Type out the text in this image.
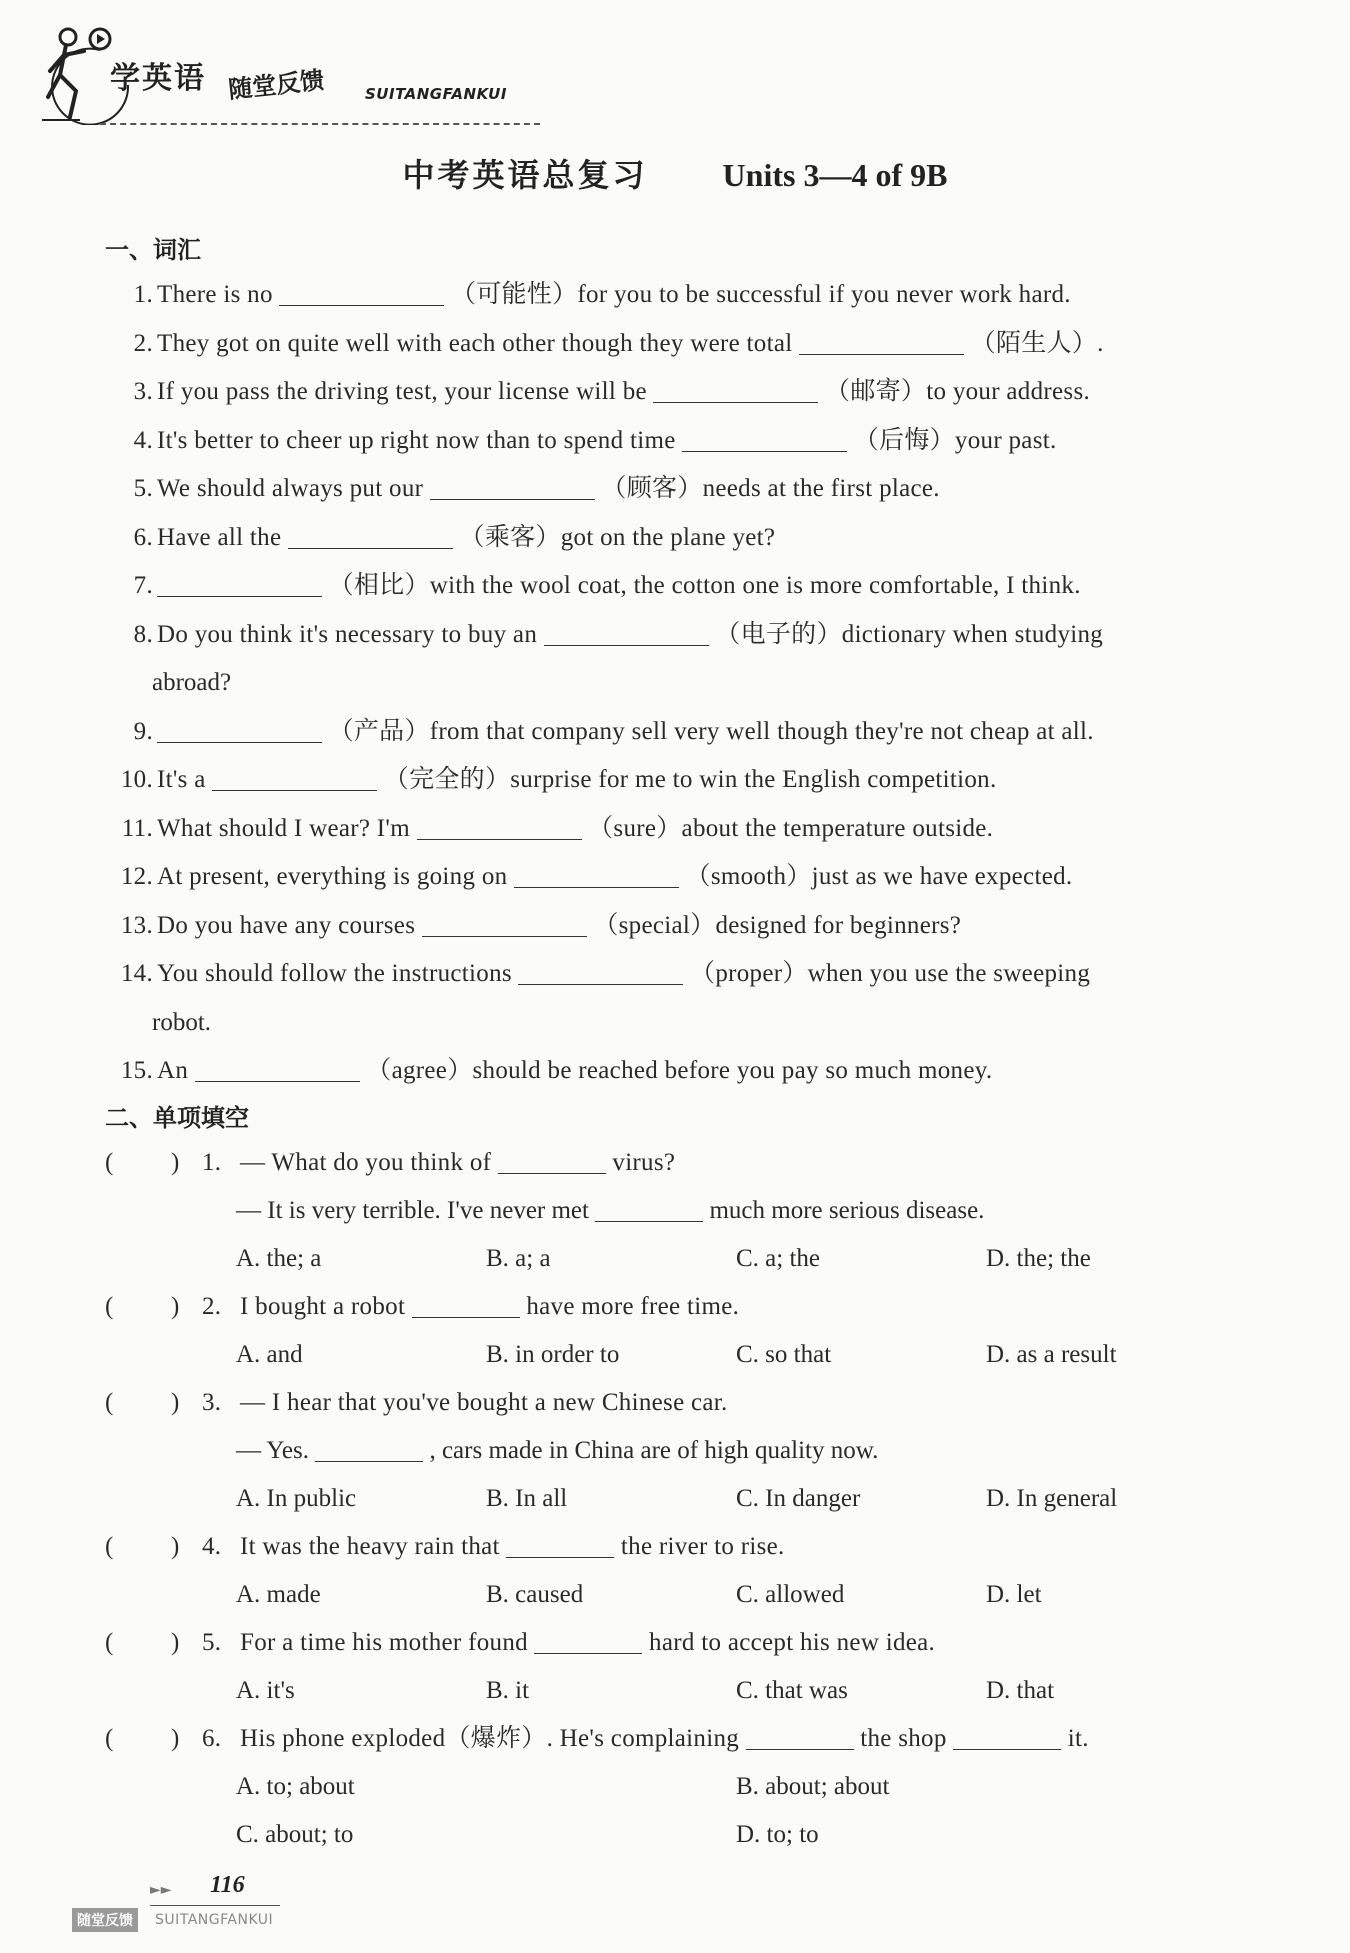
学英语 随堂反馈	SUITANGFANKUI
中考英语总复习 Units 3—4 of 9B
一、词汇
1. There is no	（可能性）for you to be successful if you never work hard.
2. They got on quite well with each other though they were total	（陌生人）.
3. If you pass the driving test, your license will be	（邮寄）to your address.
4. It's better to cheer up right now than to spend time	（后悔）your past.
5. We should always put our	（顾客）needs at the first place.
6. Have all the	（乘客）got on the plane yet?
7.	（相比）with the wool coat, the cotton one is more comfortable, I think.
8. Do you think it's necessary to buy an	（电子的）dictionary when studying
abroad?
9.	（产品）from that company sell very well though they're not cheap at all.
10. It's a	（完全的）surprise for me to win the English competition.
11. What should I wear? I'm	（sure）about the temperature outside.
12. At present, everything is going on	（smooth）just as we have expected.
13. Do you have any courses	（special）designed for beginners?
14. You should follow the instructions	（proper）when you use the sweeping
robot.
15. An	（agree）should be reached before you pay so much money.
二、单项填空
( ) 1. — What do you think of	virus?
— It is very terrible. I've never met	much more serious disease.
A. the; a	B. a; a	C. a; the	D. the; the
( ) 2. I bought a robot	have more free time.
A. and	B. in order to	C. so that	D. as a result
( ) 3. — I hear that you've bought a new Chinese car.
— Yes.	, cars made in China are of high quality now.
A. In public	B. In all	C. In danger	D. In general
( ) 4. It was the heavy rain that	the river to rise.
A. made	B. caused	C. allowed	D. let
( ) 5. For a time his mother found	hard to accept his new idea.
A. it's	B. it	C. that was	D. that
( ) 6. His phone exploded（爆炸）. He's complaining	the shop	it.
A. to; about	B. about; about
C. about; to	D. to; to
►► 116
随堂反馈	SUITANGFANKUI
